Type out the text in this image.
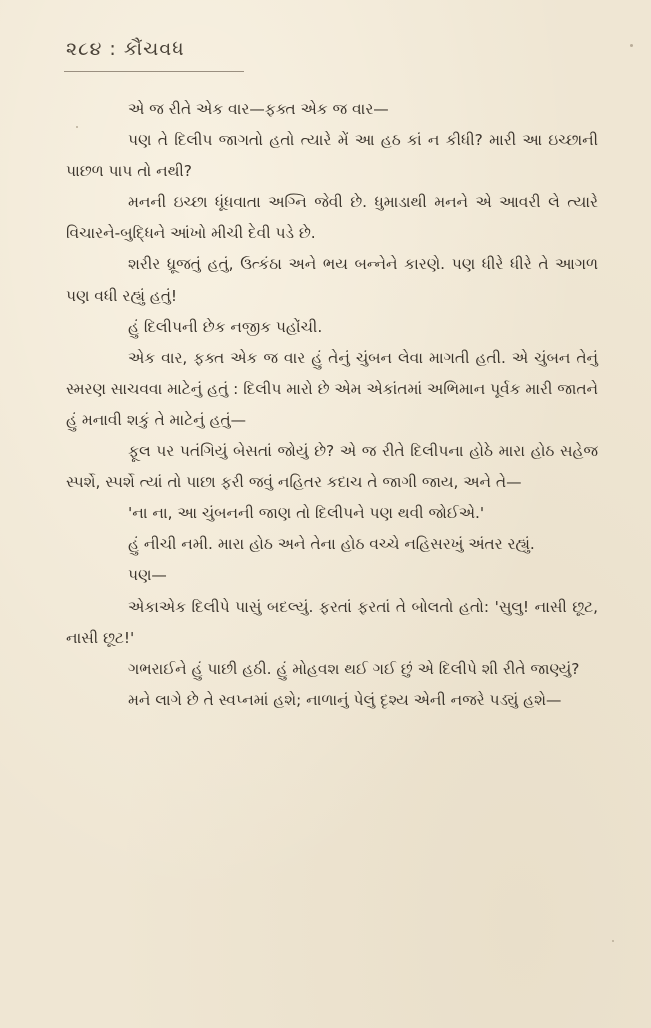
૨૮૪ : કૌંચવધ

એ જ રીતે એક વાર—ફક્ત એક જ વાર—

પણ તે દિલીપ જાગતો હતો ત્યારે મેં આ હઠ કાં ન કીધી? મારી આ ઇચ્છાની પાછળ પાપ તો નથી?

મનની ઇચ્છા ધૂંધવાતા અગ્નિ જેવી છે. ધુમાડાથી મનને એ આવરી લે ત્યારે વિચારને-બુદ્ધિને આંખો મીચી દેવી પડે છે.

શરીર ધ્રૂજતું હતું, ઉત્કંઠા અને ભય બન્નેને કારણે. પણ ધીરે ધીરે તે આગળ પણ વધી રહ્યું હતું!

હું દિલીપની છેક નજીક પહોંચી.

એક વાર, ફક્ત એક જ વાર હું તેનું ચુંબન લેવા માગતી હતી. એ ચુંબન તેનું સ્મરણ સાચવવા માટેનું હતું : દિલીપ મારો છે એમ એકાંતમાં અભિમાન પૂર્વક મારી જાતને હું મનાવી શકું તે માટેનું હતું—

ફૂલ પર પતંગિયું બેસતાં જોયું છે? એ જ રીતે દિલીપના હોઠે મારા હોઠ સહેજ સ્પર્શે, સ્પર્શે ત્યાં તો પાછા ફરી જવું નહિતર કદાચ તે જાગી જાય, અને તે—

'ના ના, આ ચુંબનની જાણ તો દિલીપને પણ થવી જોઈએ.'

હું નીચી નમી. મારા હોઠ અને તેના હોઠ વચ્ચે નહિસરખું અંતર રહ્યું.

પણ—

એકાએક દિલીપે પાસું બદલ્યું. ફરતાં ફરતાં તે બોલતો હતો: 'સુલુ! નાસી છૂટ, નાસી છૂટ!'

ગભરાઈને હું પાછી હઠી. હું મોહવશ થઈ ગઈ છું એ દિલીપે શી રીતે જાણ્યું?

મને લાગે છે તે સ્વપ્નમાં હશે; નાળાનું પેલું દૃશ્ય એની નજરે પડ્યું હશે—
